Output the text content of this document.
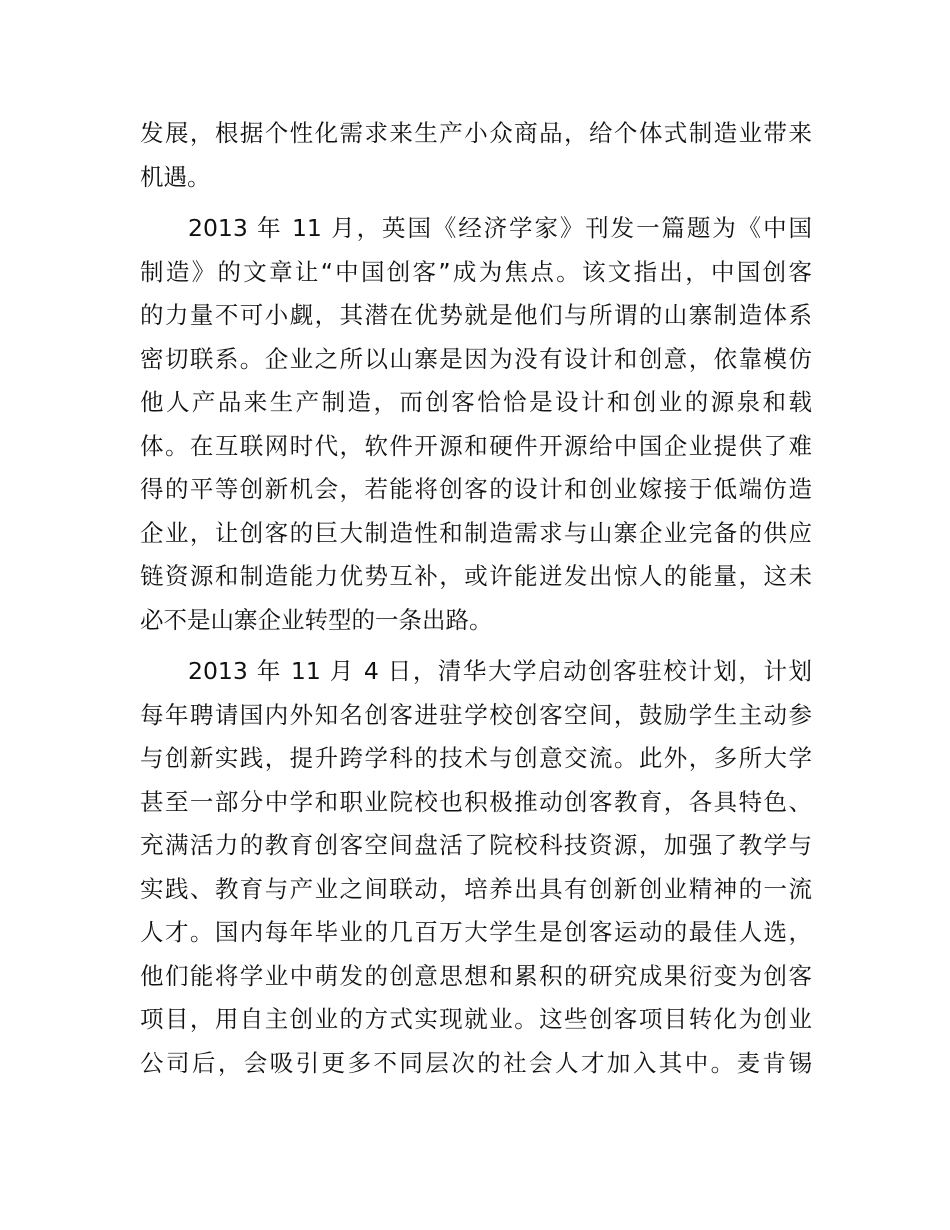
发展，根据个性化需求来生产小众商品，给个体式制造业带来
机遇。
2013 年 11 月，英国《经济学家》刊发一篇题为《中国
制造》的文章让“中国创客”成为焦点。该文指出，中国创客
的力量不可小觑，其潜在优势就是他们与所谓的山寨制造体系
密切联系。企业之所以山寨是因为没有设计和创意，依靠模仿
他人产品来生产制造，而创客恰恰是设计和创业的源泉和载
体。在互联网时代，软件开源和硬件开源给中国企业提供了难
得的平等创新机会，若能将创客的设计和创业嫁接于低端仿造
企业，让创客的巨大制造性和制造需求与山寨企业完备的供应
链资源和制造能力优势互补，或许能迸发出惊人的能量，这未
必不是山寨企业转型的一条出路。
2013 年 11 月 4 日，清华大学启动创客驻校计划，计划
每年聘请国内外知名创客进驻学校创客空间，鼓励学生主动参
与创新实践，提升跨学科的技术与创意交流。此外，多所大学
甚至一部分中学和职业院校也积极推动创客教育，各具特色、
充满活力的教育创客空间盘活了院校科技资源，加强了教学与
实践、教育与产业之间联动，培养出具有创新创业精神的一流
人才。国内每年毕业的几百万大学生是创客运动的最佳人选，
他们能将学业中萌发的创意思想和累积的研究成果衍变为创客
项目，用自主创业的方式实现就业。这些创客项目转化为创业
公司后，会吸引更多不同层次的社会人才加入其中。麦肯锡
